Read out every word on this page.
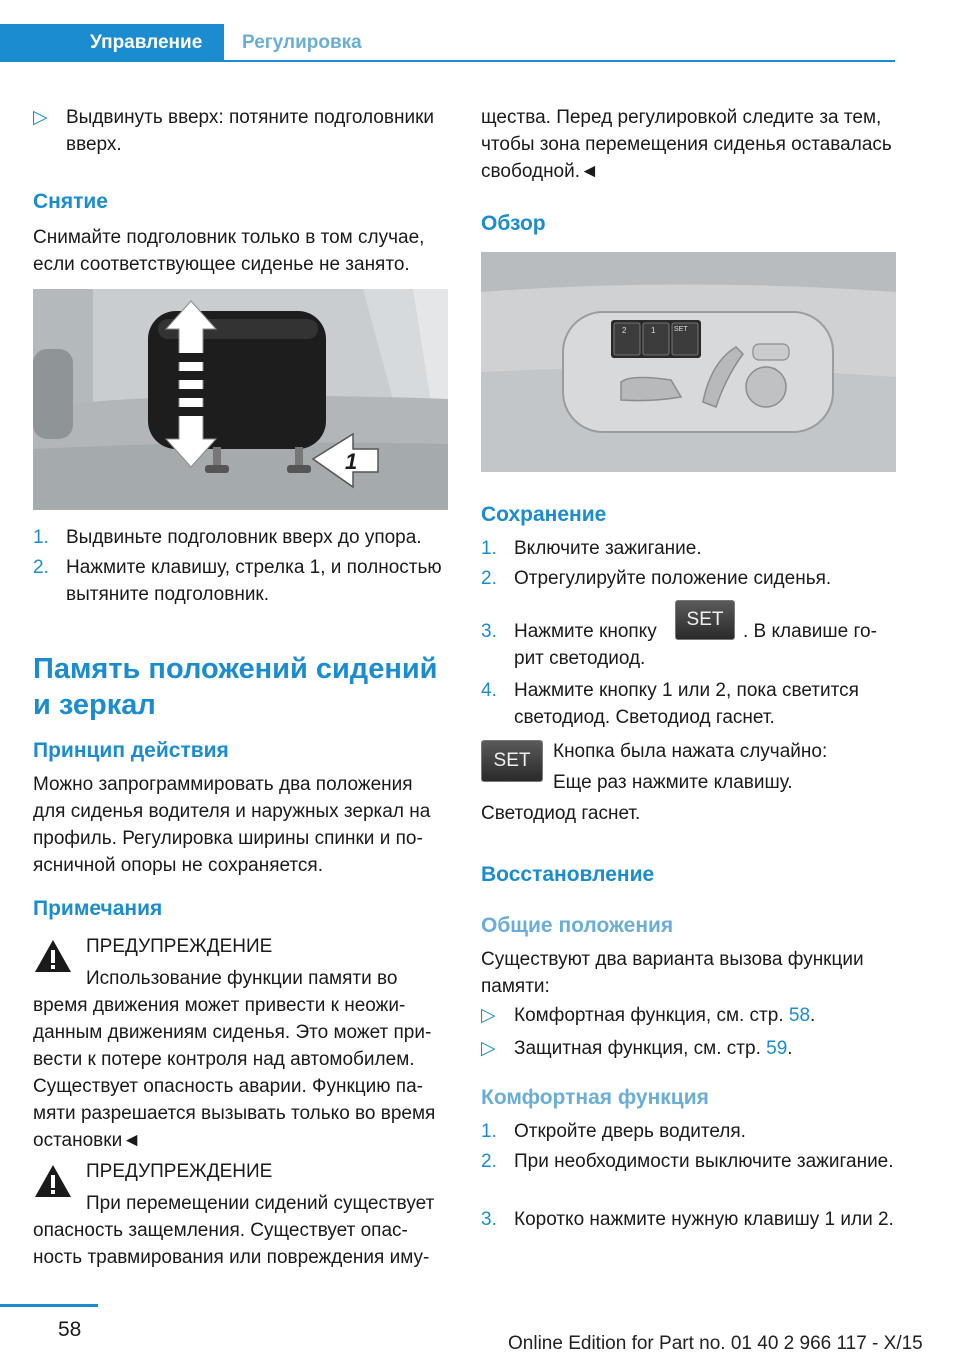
Управление	Регулировка
▷ Выдвинуть вверх: потяните подголовники вверх.
Снятие
Снимайте подголовник только в том случае, если соответствующее сиденье не занято.
1
1. Выдвиньте подголовник вверх до упора.
2. Нажмите клавишу, стрелка 1, и полностью вытяните подголовник.
Память положений сидений и зеркал
Принцип действия
Можно запрограммировать два положения для сиденья водителя и наружных зеркал на профиль. Регулировка ширины спинки и поясничной опоры не сохраняется.
Примечания
ПРЕДУПРЕЖДЕНИЕ
Использование функции памяти во
время движения может привести к неожиданным движениям сиденья. Это может привести к потере контроля над автомобилем. Существует опасность аварии. Функцию памяти разрешается вызывать только во время остановки◄
ПРЕДУПРЕЖДЕНИЕ
При перемещении сидений существует
опасность защемления. Существует опасность травмирования или повреждения иму-
щества. Перед регулировкой следите за тем, чтобы зона перемещения сиденья оставалась свободной.◄
Обзор
2	1	SET
Сохранение
1. Включите зажигание.
2. Отрегулируйте положение сиденья.
3. Нажмите кнопку
SET
. В клавише го-
рит светодиод.
4. Нажмите кнопку 1 или 2, пока светится светодиод. Светодиод гаснет.
SET	Кнопка была нажата случайно:
Еще раз нажмите клавишу.
Светодиод гаснет.
Восстановление
Общие положения
Существуют два варианта вызова функции памяти:
▷ Комфортная функция, см. стр. 58.
▷ Защитная функция, см. стр. 59.
Комфортная функция
1. Откройте дверь водителя.
2. При необходимости выключите зажигание.
3. Коротко нажмите нужную клавишу 1 или 2.
58
Online Edition for Part no. 01 40 2 966 117 - X/15
